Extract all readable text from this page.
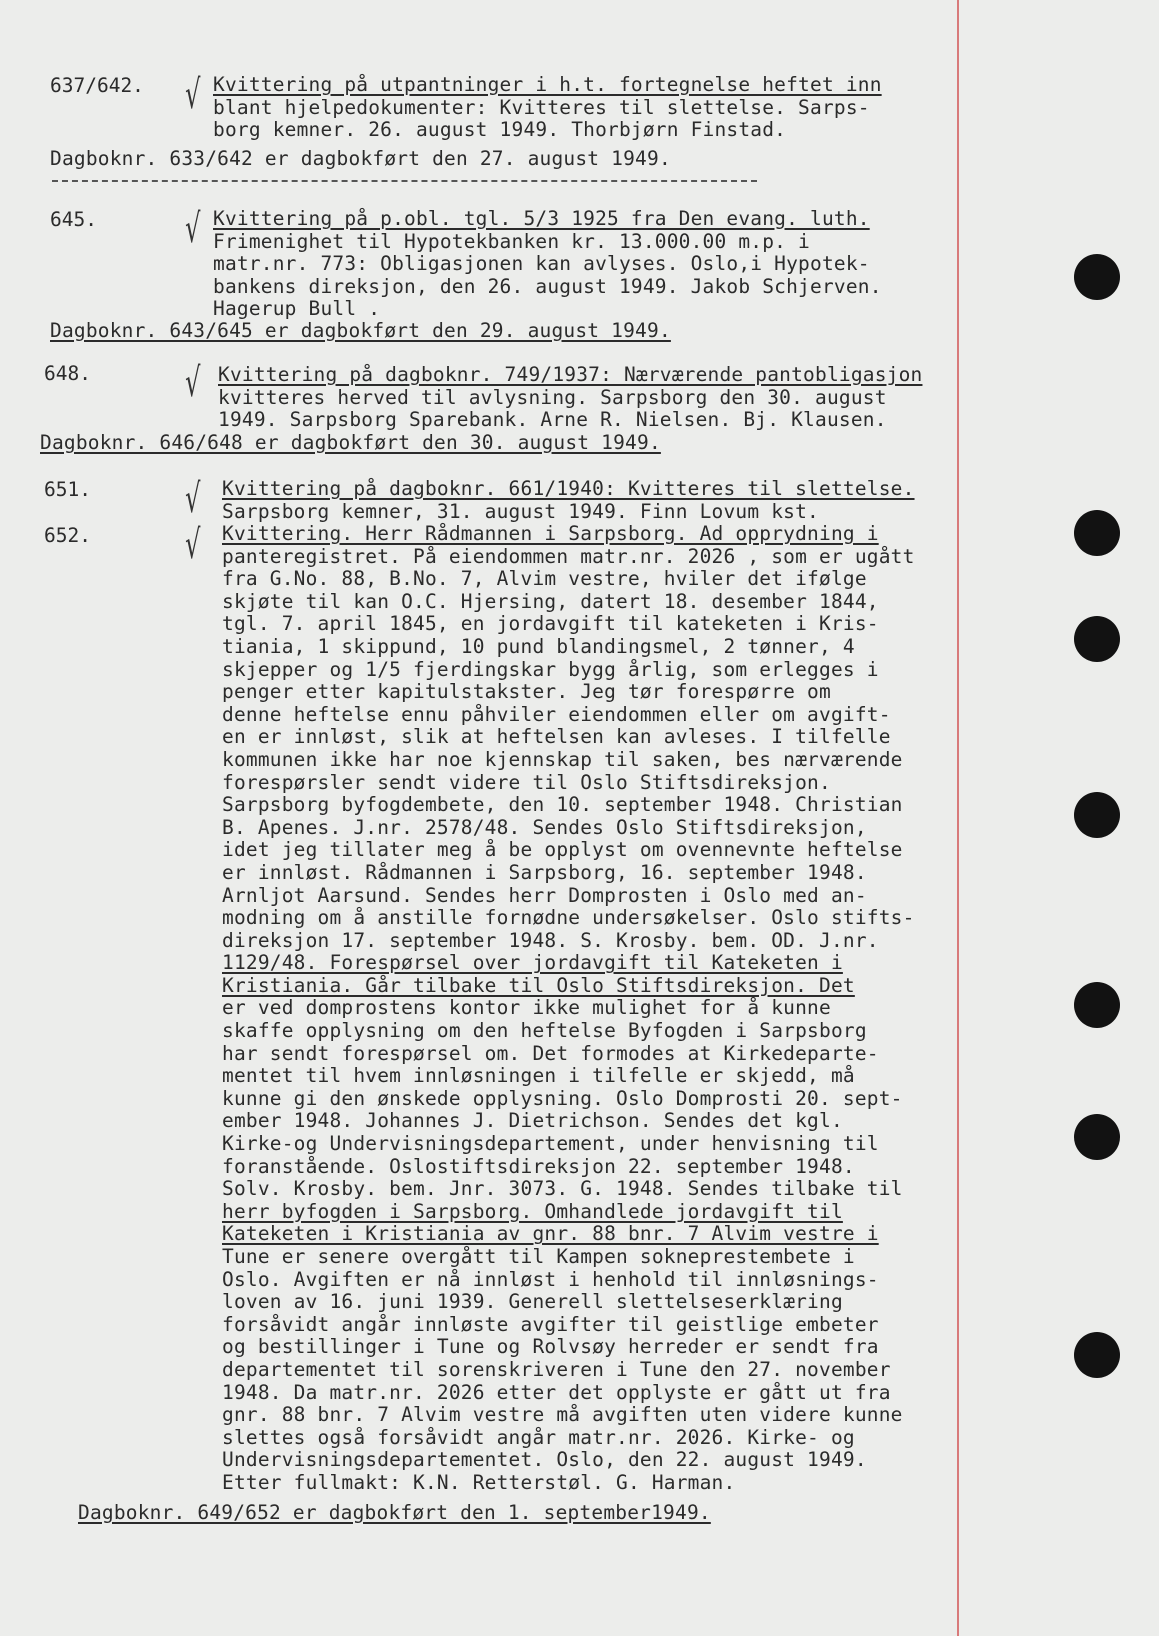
637/642. √ Kvittering på utpantninger i h.t. fortegnelse heftet inn
blant hjelpedokumenter: Kvitteres til slettelse. Sarps-
borg kemner. 26. august 1949. Thorbjørn Finstad.
Dagboknr. 633/642 er dagbokført den 27. august 1949.
645. √ Kvittering på p.obl. tgl. 5/3 1925 fra Den evang. luth.
Frimenighet til Hypotekbanken kr. 13.000.00 m.p. i
matr.nr. 773: Obligasjonen kan avlyses. Oslo,i Hypotek-
bankens direksjon, den 26. august 1949. Jakob Schjerven.
Hagerup Bull .
Dagboknr. 643/645 er dagbokført den 29. august 1949.
648. √ Kvittering på dagboknr. 749/1937: Nærværende pantobligasjon
kvitteres herved til avlysning. Sarpsborg den 30. august
1949. Sarpsborg Sparebank. Arne R. Nielsen. Bj. Klausen.
Dagboknr. 646/648 er dagbokført den 30. august 1949.
651. √ Kvittering på dagboknr. 661/1940: Kvitteres til slettelse.
Sarpsborg kemner, 31. august 1949. Finn Lovum kst.
652. √ Kvittering. Herr Rådmannen i Sarpsborg. Ad opprydning i
panteregistret. På eiendommen matr.nr. 2026 , som er ugått
fra G.No. 88, B.No. 7, Alvim vestre, hviler det ifølge
skjøte til kan O.C. Hjersing, datert 18. desember 1844,
tgl. 7. april 1845, en jordavgift til kateketen i Kris-
tiania, 1 skippund, 10 pund blandingsmel, 2 tønner, 4
skjepper og 1/5 fjerdingskar bygg årlig, som erlegges i
penger etter kapitulstakster. Jeg tør forespørre om
denne heftelse ennu påhviler eiendommen eller om avgift-
en er innløst, slik at heftelsen kan avleses. I tilfelle
kommunen ikke har noe kjennskap til saken, bes nærværende
forespørsler sendt videre til Oslo Stiftsdireksjon.
Sarpsborg byfogdembete, den 10. september 1948. Christian
B. Apenes. J.nr. 2578/48. Sendes Oslo Stiftsdireksjon,
idet jeg tillater meg å be opplyst om ovennevnte heftelse
er innløst. Rådmannen i Sarpsborg, 16. september 1948.
Arnljot Aarsund. Sendes herr Domprosten i Oslo med an-
modning om å anstille fornødne undersøkelser. Oslo stifts-
direksjon 17. september 1948. S. Krosby. bem. OD. J.nr.
1129/48. Forespørsel over jordavgift til Kateketen i
Kristiania. Går tilbake til Oslo Stiftsdireksjon. Det
er ved domprostens kontor ikke mulighet for å kunne
skaffe opplysning om den heftelse Byfogden i Sarpsborg
har sendt forespørsel om. Det formodes at Kirkedeparte-
mentet til hvem innløsningen i tilfelle er skjedd, må
kunne gi den ønskede opplysning. Oslo Domprosti 20. sept-
ember 1948. Johannes J. Dietrichson. Sendes det kgl.
Kirke-og Undervisningsdepartement, under henvisning til
foranstående. Oslostiftsdireksjon 22. september 1948.
Solv. Krosby. bem. Jnr. 3073. G. 1948. Sendes tilbake til
herr byfogden i Sarpsborg. Omhandlede jordavgift til
Kateketen i Kristiania av gnr. 88 bnr. 7 Alvim vestre i
Tune er senere overgått til Kampen sokneprestembete i
Oslo. Avgiften er nå innløst i henhold til innløsnings-
loven av 16. juni 1939. Generell slettelseserklæring
forsåvidt angår innløste avgifter til geistlige embeter
og bestillinger i Tune og Rolvsøy herreder er sendt fra
departementet til sorenskriveren i Tune den 27. november
1948. Da matr.nr. 2026 etter det opplyste er gått ut fra
gnr. 88 bnr. 7 Alvim vestre må avgiften uten videre kunne
slettes også forsåvidt angår matr.nr. 2026. Kirke- og
Undervisningsdepartementet. Oslo, den 22. august 1949.
Etter fullmakt: K.N. Retterstøl. G. Harman.
Dagboknr. 649/652 er dagbokført den 1. september1949.
